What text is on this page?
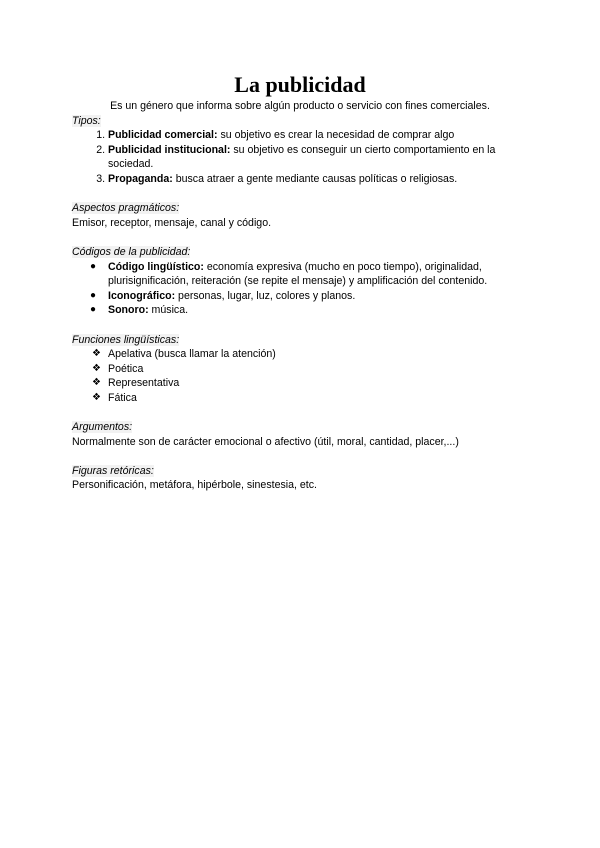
La publicidad

Es un género que informa sobre algún producto o servicio con fines comerciales.

Tipos:

1. Publicidad comercial: su objetivo es crear la necesidad de comprar algo
2. Publicidad institucional: su objetivo es conseguir un cierto comportamiento en la sociedad.
3. Propaganda: busca atraer a gente mediante causas políticas o religiosas.

Aspectos pragmáticos:

Emisor, receptor, mensaje, canal y código.

Códigos de la publicidad:

●	Código lingüístico: economía expresiva (mucho en poco tiempo), originalidad, plurisignificación, reiteración (se repite el mensaje) y amplificación del contenido.
●	Iconográfico: personas, lugar, luz, colores y planos.
●	Sonoro: música.

Funciones lingüísticas:

❖ Apelativa (busca llamar la atención)
❖ Poética
❖ Representativa
❖ Fática

Argumentos:

Normalmente son de carácter emocional o afectivo (útil, moral, cantidad, placer,...)

Figuras retóricas:

Personificación, metáfora, hipérbole, sinestesia, etc.
